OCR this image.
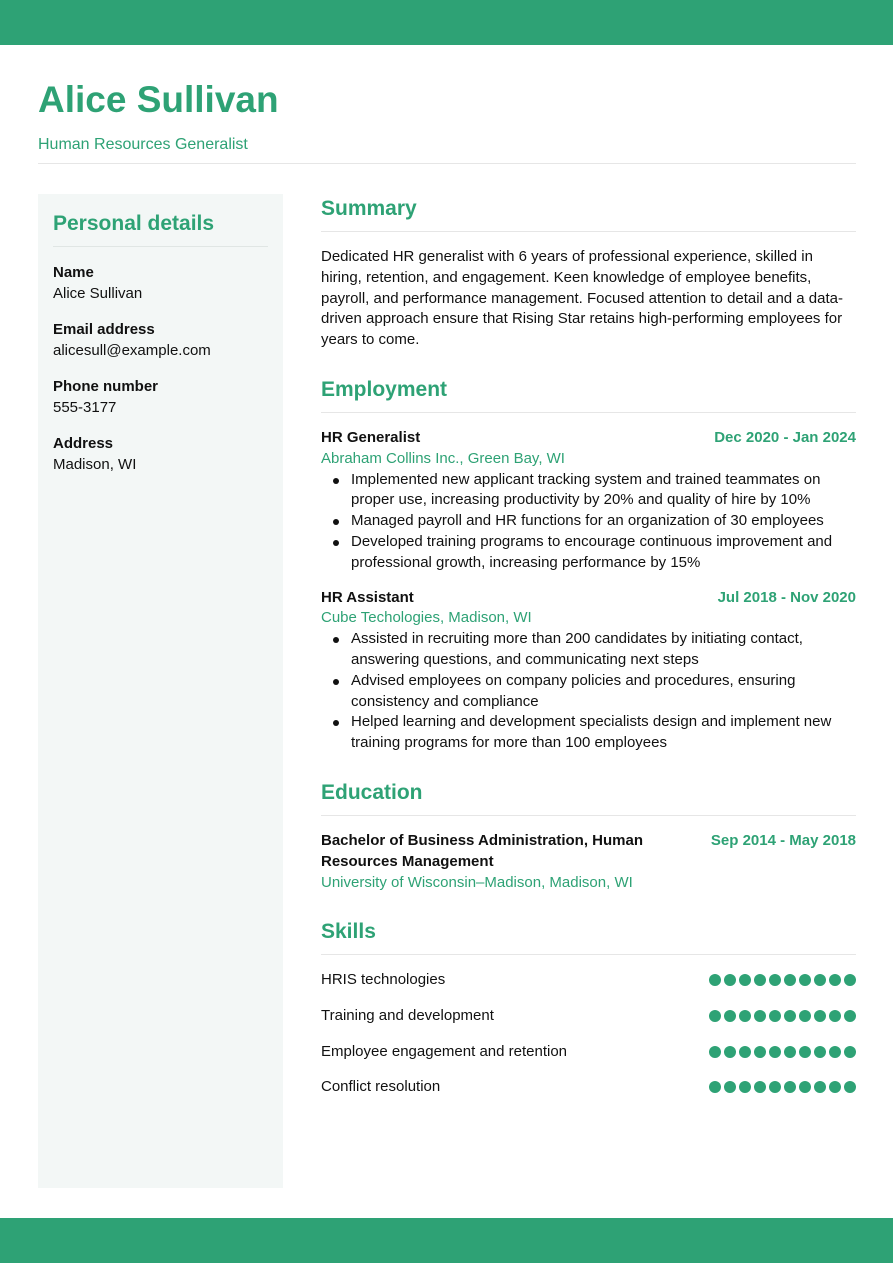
Alice Sullivan
Human Resources Generalist
Personal details
Name
Alice Sullivan
Email address
alicesull@example.com
Phone number
555-3177
Address
Madison, WI
Summary

Dedicated HR generalist with 6 years of professional experience, skilled in hiring, retention, and engagement. Keen knowledge of employee benefits, payroll, and performance management. Focused attention to detail and a data-driven approach ensure that Rising Star retains high-performing employees for years to come.

Employment
HR Generalist	Dec 2020 - Jan 2024
Abraham Collins Inc., Green Bay, WI
Implemented new applicant tracking system and trained teammates on proper use, increasing productivity by 20% and quality of hire by 10%
Managed payroll and HR functions for an organization of 30 employees
Developed training programs to encourage continuous improvement and professional growth, increasing performance by 15%
HR Assistant	Jul 2018 - Nov 2020
Cube Techologies, Madison, WI
Assisted in recruiting more than 200 candidates by initiating contact, answering questions, and communicating next steps
Advised employees on company policies and procedures, ensuring consistency and compliance
Helped learning and development specialists design and implement new training programs for more than 100 employees
Education
Bachelor of Business Administration, Human Resources Management
Sep 2014 - May 2018
University of Wisconsin–Madison, Madison, WI
Skills
HRIS technologies
Training and development
Employee engagement and retention
Conflict resolution
